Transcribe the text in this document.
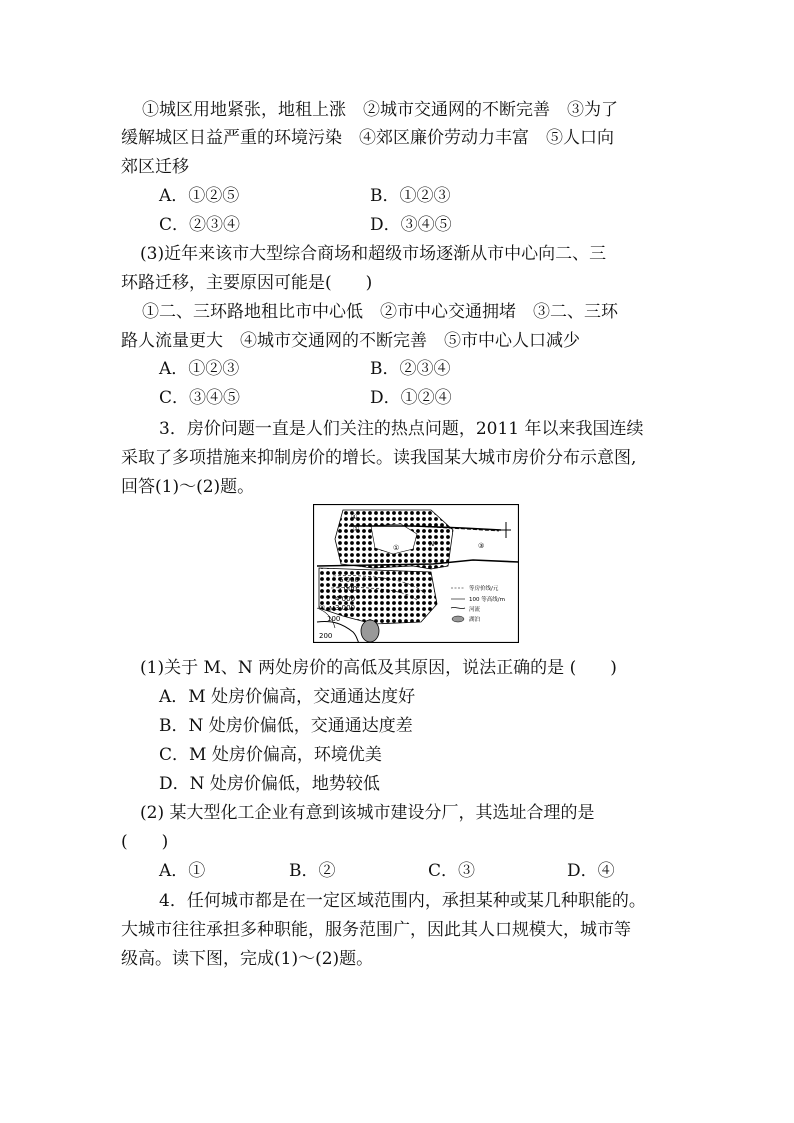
①城区用地紧张，地租上涨　②城市交通网的不断完善　③为了
缓解城区日益严重的环境污染　④郊区廉价劳动力丰富　⑤人口向
郊区迁移
A．①②⑤	B．①②③
C．②③④	D．③④⑤
(3)近年来该市大型综合商场和超级市场逐渐从市中心向二、三
环路迁移，主要原因可能是(　　)
①二、三环路地租比市中心低　②市中心交通拥堵　③二、三环
路人流量更大　④城市交通网的不断完善　⑤市中心人口减少
A．①②③	B．②③④
C．③④⑤	D．①②④
3．房价问题一直是人们关注的热点问题，2011 年以来我国连续
采取了多项措施来抑制房价的增长。读我国某大城市房价分布示意图,
回答(1)～(2)题。
④
①
③
①
② M
N
6 000
5 000
4 000
3 000
100
200
等房价线/元
100 等高线/m
河流
湖泊
(1)关于 M、N 两处房价的高低及其原因，说法正确的是 (　　)
A．M 处房价偏高，交通通达度好
B．N 处房价偏低，交通通达度差
C．M 处房价偏高，环境优美
D．N 处房价偏低，地势较低
(2) 某大型化工企业有意到该城市建设分厂，其选址合理的是
(　　)
A．①	B．②	C．③	D．④
4．任何城市都是在一定区域范围内，承担某种或某几种职能的。
大城市往往承担多种职能，服务范围广，因此其人口规模大，城市等
级高。读下图，完成(1)～(2)题。
